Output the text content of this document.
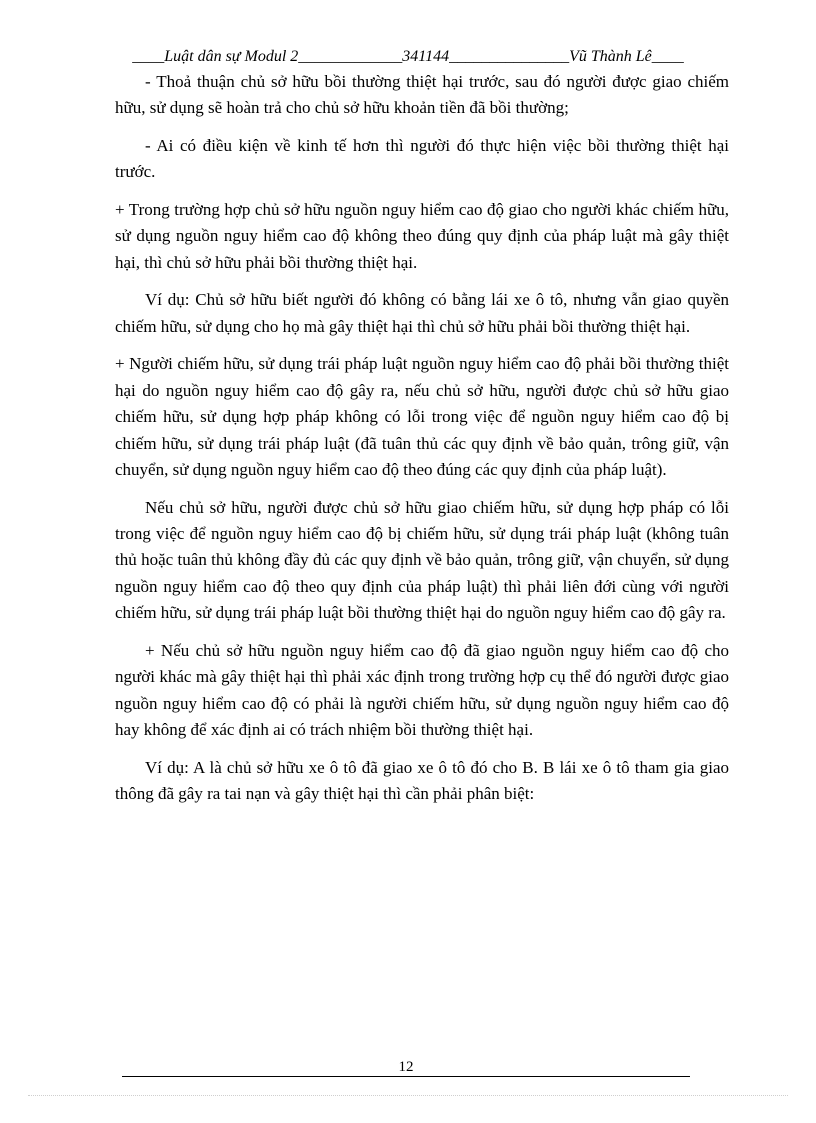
____Luật dân sự Modul 2_____________341144_______________Vũ Thành Lê____

- Thoả thuận chủ sở hữu bồi thường thiệt hại trước, sau đó người được giao chiếm hữu, sử dụng sẽ hoàn trả cho chủ sở hữu khoản tiền đã bồi thường;

- Ai có điều kiện về kinh tế hơn thì người đó thực hiện việc bồi thường thiệt hại trước.

+ Trong trường hợp chủ sở hữu nguồn nguy hiểm cao độ giao cho người khác chiếm hữu, sử dụng nguồn nguy hiểm cao độ không theo đúng quy định của pháp luật mà gây thiệt hại, thì chủ sở hữu phải bồi thường thiệt hại.

Ví dụ: Chủ sở hữu biết người đó không có bằng lái xe ô tô, nhưng vẫn giao quyền chiếm hữu, sử dụng cho họ mà gây thiệt hại thì chủ sở hữu phải bồi thường thiệt hại.

+ Người chiếm hữu, sử dụng trái pháp luật nguồn nguy hiểm cao độ phải bồi thường thiệt hại do nguồn nguy hiểm cao độ gây ra, nếu chủ sở hữu, người được chủ sở hữu giao chiếm hữu, sử dụng hợp pháp không có lỗi trong việc để nguồn nguy hiểm cao độ bị chiếm hữu, sử dụng trái pháp luật (đã tuân thủ các quy định về bảo quản, trông giữ, vận chuyển, sử dụng nguồn nguy hiểm cao độ theo đúng các quy định của pháp luật).

Nếu chủ sở hữu, người được chủ sở hữu giao chiếm hữu, sử dụng hợp pháp có lỗi trong việc để nguồn nguy hiểm cao độ bị chiếm hữu, sử dụng trái pháp luật (không tuân thủ hoặc tuân thủ không đầy đủ các quy định về bảo quản, trông giữ, vận chuyển, sử dụng nguồn nguy hiểm cao độ theo quy định của pháp luật) thì phải liên đới cùng với người chiếm hữu, sử dụng trái pháp luật bồi thường thiệt hại do nguồn nguy hiểm cao độ gây ra.

+ Nếu chủ sở hữu nguồn nguy hiểm cao độ đã giao nguồn nguy hiểm cao độ cho người khác mà gây thiệt hại thì phải xác định trong trường hợp cụ thể đó người được giao nguồn nguy hiểm cao độ có phải là người chiếm hữu, sử dụng nguồn nguy hiểm cao độ hay không để xác định ai có trách nhiệm bồi thường thiệt hại.

Ví dụ: A là chủ sở hữu xe ô tô đã giao xe ô tô đó cho B. B lái xe ô tô tham gia giao thông đã gây ra tai nạn và gây thiệt hại thì cần phải phân biệt:

12
